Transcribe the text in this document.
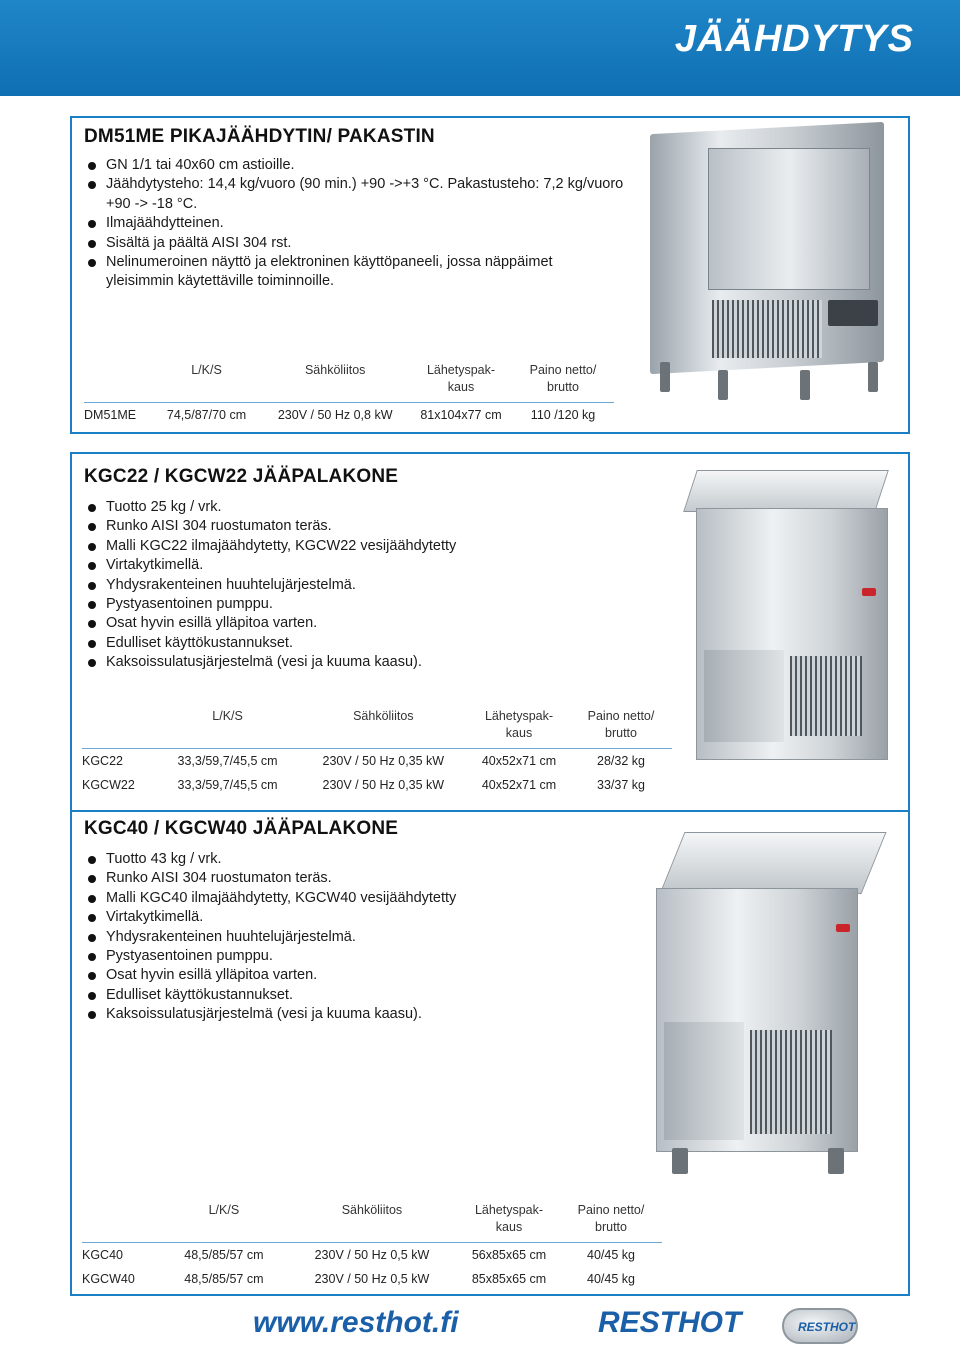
JÄÄHDYTYS
DM51ME PIKAJÄÄHDYTIN/ PAKASTIN
GN 1/1 tai 40x60 cm astioille.
Jäähdytysteho: 14,4 kg/vuoro (90 min.) +90 ->+3 °C. Pakastusteho: 7,2 kg/vuoro +90 -> -18 °C.
Ilmajäähdytteinen.
Sisältä ja päältä AISI 304 rst.
Nelinumeroinen näyttö ja elektroninen käyttöpaneeli, jossa näppäimet yleisimmin käytettäville toiminnoille.
	L/K/S	Sähköliitos	Lähetyspak-kaus	Paino netto/ brutto
DM51ME	74,5/87/70 cm	230V / 50 Hz 0,8 kW	81x104x77 cm	110 /120 kg
KGC22 / KGCW22 JÄÄPALAKONE
Tuotto 25 kg / vrk.
Runko AISI 304 ruostumaton teräs.
Malli KGC22 ilmajäähdytetty, KGCW22 vesijäähdytetty
Virtakytkimellä.
Yhdysrakenteinen huuhtelujärjestelmä.
Pystyasentoinen pumppu.
Osat hyvin esillä ylläpitoa varten.
Edulliset käyttökustannukset.
Kaksoissulatusjärjestelmä (vesi ja kuuma kaasu).
	L/K/S	Sähköliitos	Lähetyspak-kaus	Paino netto/ brutto
KGC22	33,3/59,7/45,5 cm	230V / 50 Hz 0,35 kW	40x52x71 cm	28/32 kg
KGCW22	33,3/59,7/45,5 cm	230V / 50 Hz 0,35 kW	40x52x71 cm	33/37 kg
KGC40 / KGCW40 JÄÄPALAKONE
Tuotto 43 kg / vrk.
Runko AISI 304 ruostumaton teräs.
Malli KGC40 ilmajäähdytetty, KGCW40 vesijäähdytetty
Virtakytkimellä.
Yhdysrakenteinen huuhtelujärjestelmä.
Pystyasentoinen pumppu.
Osat hyvin esillä ylläpitoa varten.
Edulliset käyttökustannukset.
Kaksoissulatusjärjestelmä (vesi ja kuuma kaasu).
	L/K/S	Sähköliitos	Lähetyspak-kaus	Paino netto/ brutto
KGC40	48,5/85/57 cm	230V / 50 Hz 0,5 kW	56x85x65 cm	40/45 kg
KGCW40	48,5/85/57 cm	230V / 50 Hz 0,5 kW	85x85x65 cm	40/45 kg
www.resthot.fi	RESTHOT	RESTHOT
